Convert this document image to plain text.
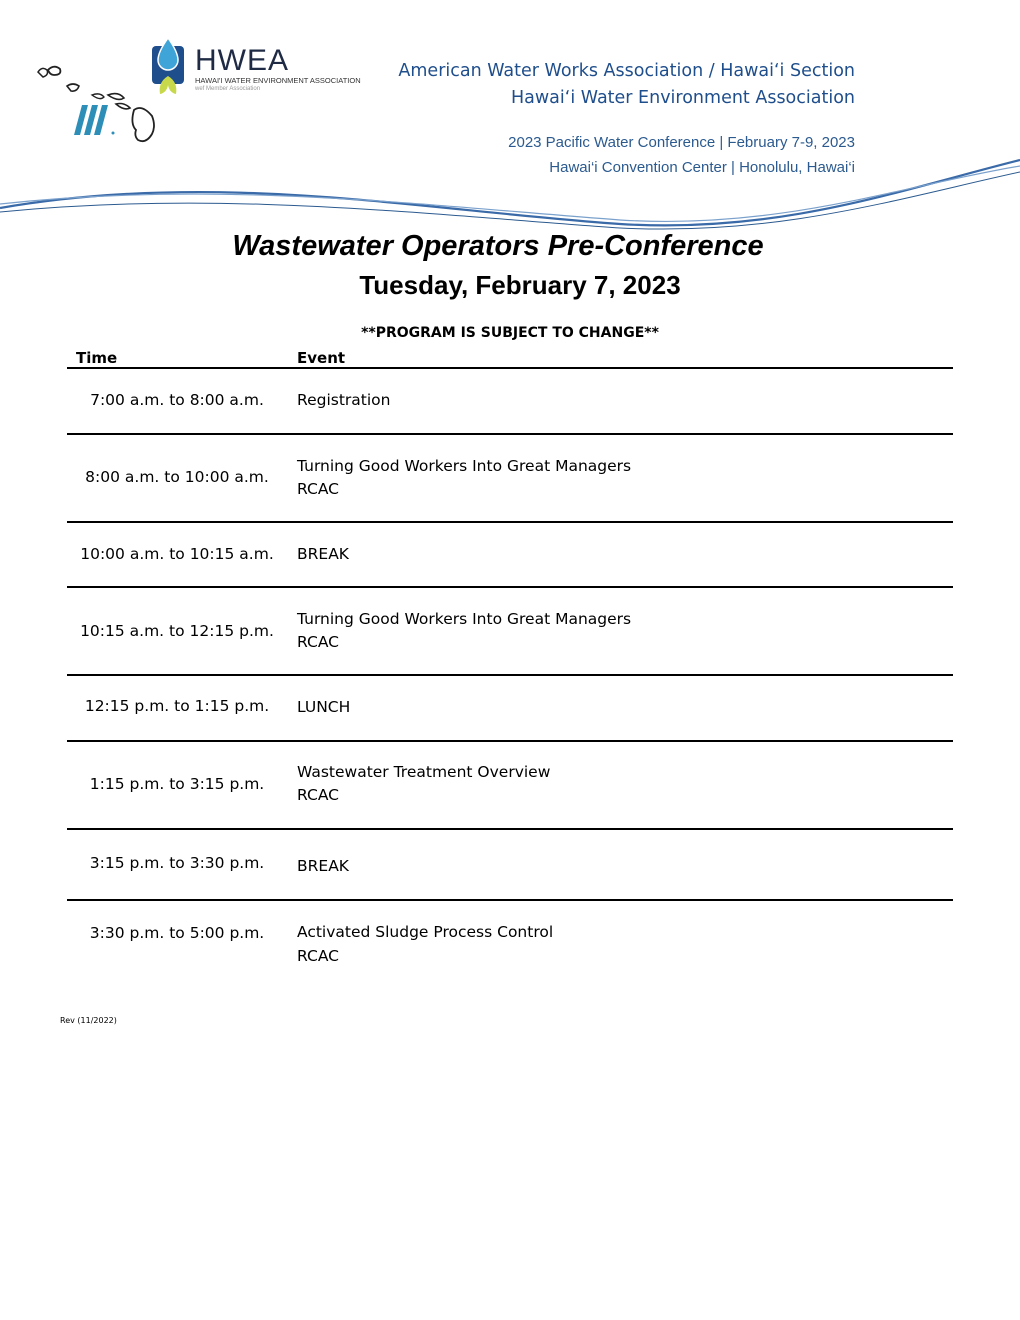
HWEA
HAWAI'I WATER ENVIRONMENT ASSOCIATION
wef Member Association
American Water Works Association / Hawai‘i Section
Hawai‘i Water Environment Association
2023 Pacific Water Conference | February 7-9, 2023
Hawai‘i Convention Center | Honolulu, Hawai‘i
Wastewater Operators Pre-Conference
Tuesday, February 7, 2023
**PROGRAM IS SUBJECT TO CHANGE**
Time	Event
7:00 a.m. to 8:00 a.m.	Registration
8:00 a.m. to 10:00 a.m.
Turning Good Workers Into Great Managers
RCAC
10:00 a.m. to 10:15 a.m.	BREAK
10:15 a.m. to 12:15 p.m.
Turning Good Workers Into Great Managers
RCAC
12:15 p.m. to 1:15 p.m.	LUNCH
1:15 p.m. to 3:15 p.m.
Wastewater Treatment Overview
RCAC
3:15 p.m. to 3:30 p.m.	BREAK
3:30 p.m. to 5:00 p.m.	Activated Sludge Process Control
RCAC
Rev (11/2022)
